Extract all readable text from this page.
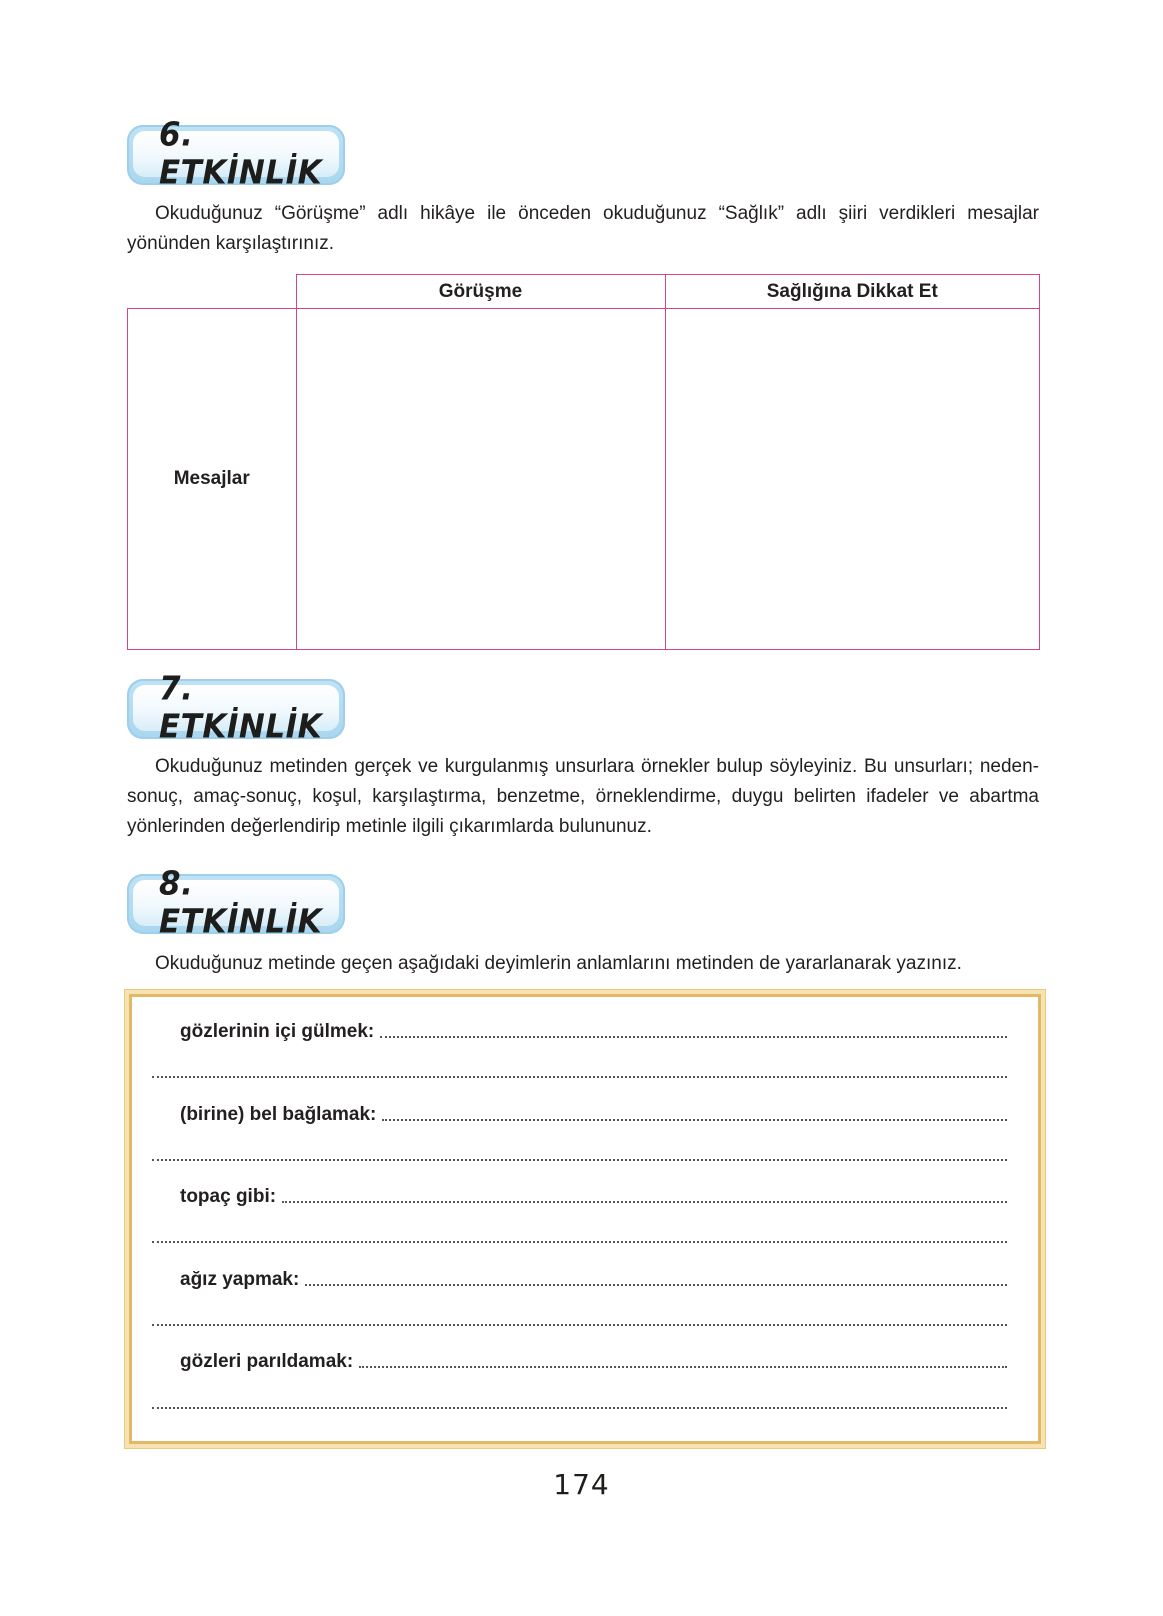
6. ETKİNLİK

Okuduğunuz “Görüşme” adlı hikâye ile önceden okuduğunuz “Sağlık” adlı şiiri verdikleri mesajlar yönünden karşılaştırınız.

	Görüşme	Sağlığına Dikkat Et
Mesajlar		
7. ETKİNLİK

Okuduğunuz metinden gerçek ve kurgulanmış unsurlara örnekler bulup söyleyiniz. Bu unsurları; neden-sonuç, amaç-sonuç, koşul, karşılaştırma, benzetme, örneklendirme, duygu belirten ifadeler ve abartma yönlerinden değerlendirip metinle ilgili çıkarımlarda bulununuz.

8. ETKİNLİK

Okuduğunuz metinde geçen aşağıdaki deyimlerin anlamlarını metinden de yararlanarak yazınız.

gözlerinin içi gülmek:
(birine) bel bağlamak:
topaç gibi:
ağız yapmak:
gözleri parıldamak:
174
